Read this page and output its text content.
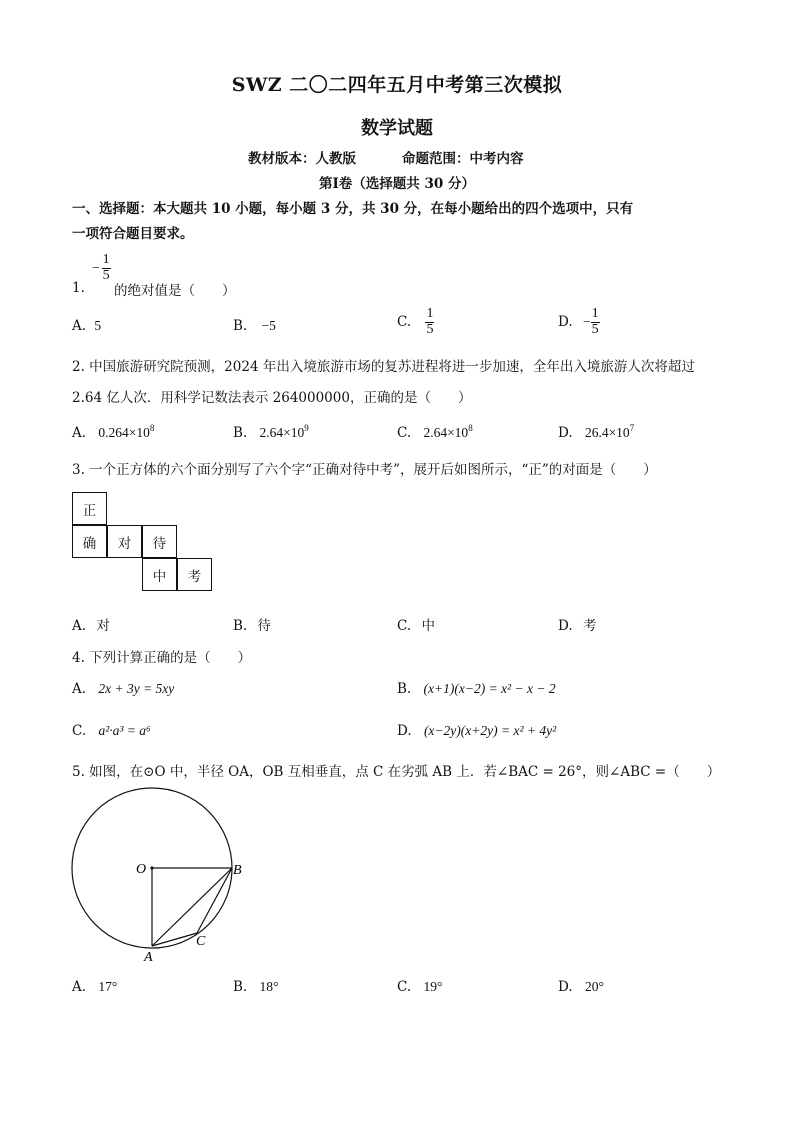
SWZ 二〇二四年五月中考第三次模拟
数学试题
教材版本：人教版	命题范围：中考内容
第Ⅰ卷（选择题共 30 分）
一、选择题：本大题共 10 小题，每小题 3 分，共 30 分，在每小题给出的四个选项中，只有
一项符合题目要求。
1.
− $\frac{1}{5}$
的绝对值是（　　）
A. 5	B. −5	C. $\frac{1}{5}$	D. − $\frac{1}{5}$
2. 中国旅游研究院预测，2024 年出入境旅游市场的复苏进程将进一步加速，全年出入境旅游人次将超过
2.64 亿人次．用科学记数法表示 264000000，正确的是（　　）
A. $0.264\times 10^8$	B. $2.64\times 10^9$	C. $2.64\times 10^8$	D. $26.4\times 10^7$
3. 一个正方体的六个面分别写了六个字“正确对待中考”，展开后如图所示，“正”的对面是（　　）
正
确	对	待
中	考
A. 对	B. 待	C. 中	D. 考
4. 下列计算正确的是（　　）
A. 2x + 3y = 5xy	B. (x+1)(x−2) = x² − x − 2
C. a²·a³ = a⁶	D. (x−2y)(x+2y) = x² + 4y²
5. 如图，在⊙O 中，半径 OA，OB 互相垂直，点 C 在劣弧 AB 上．若∠BAC = 26°，则∠ABC =（　　）
O	B
A
C
A. 17°	B. 18°	C. 19°	D. 20°
